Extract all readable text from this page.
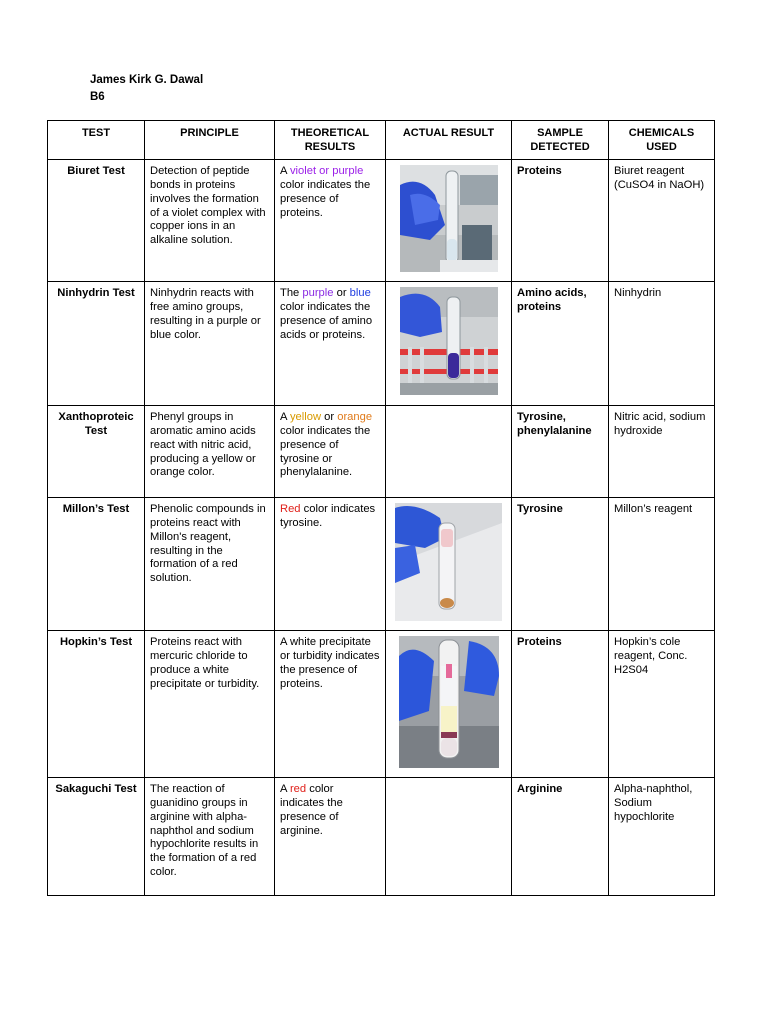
James Kirk G. Dawal
B6
TEST	PRINCIPLE	THEORETICAL RESULTS	ACTUAL RESULT	SAMPLE DETECTED	CHEMICALS USED
Biuret Test	Detection of peptide bonds in proteins involves the formation of a violet complex with copper ions in an alkaline solution.	A violet or purple color indicates the presence of proteins.		Proteins	Biuret reagent (CuSO4 in NaOH)
Ninhydrin Test	Ninhydrin reacts with free amino groups, resulting in a purple or blue color.	The purple or blue color indicates the presence of amino acids or proteins.		Amino acids, proteins	Ninhydrin
Xanthoproteic Test	Phenyl groups in aromatic amino acids react with nitric acid, producing a yellow or orange color.	A yellow or orange color indicates the presence of tyrosine or phenylalanine.		Tyrosine, phenylalanine	Nitric acid, sodium hydroxide
Millon’s Test	Phenolic compounds in proteins react with Millon's reagent, resulting in the formation of a red solution.	Red color indicates tyrosine.		Tyrosine	Millon’s reagent
Hopkin’s Test	Proteins react with mercuric chloride to produce a white precipitate or turbidity.	A white precipitate or turbidity indicates the presence of proteins.		Proteins	Hopkin’s cole reagent, Conc. H2S04
Sakaguchi Test	The reaction of guanidino groups in arginine with alpha-naphthol and sodium hypochlorite results in the formation of a red color.	A red color indicates the presence of arginine.		Arginine	Alpha-naphthol, Sodium hypochlorite
